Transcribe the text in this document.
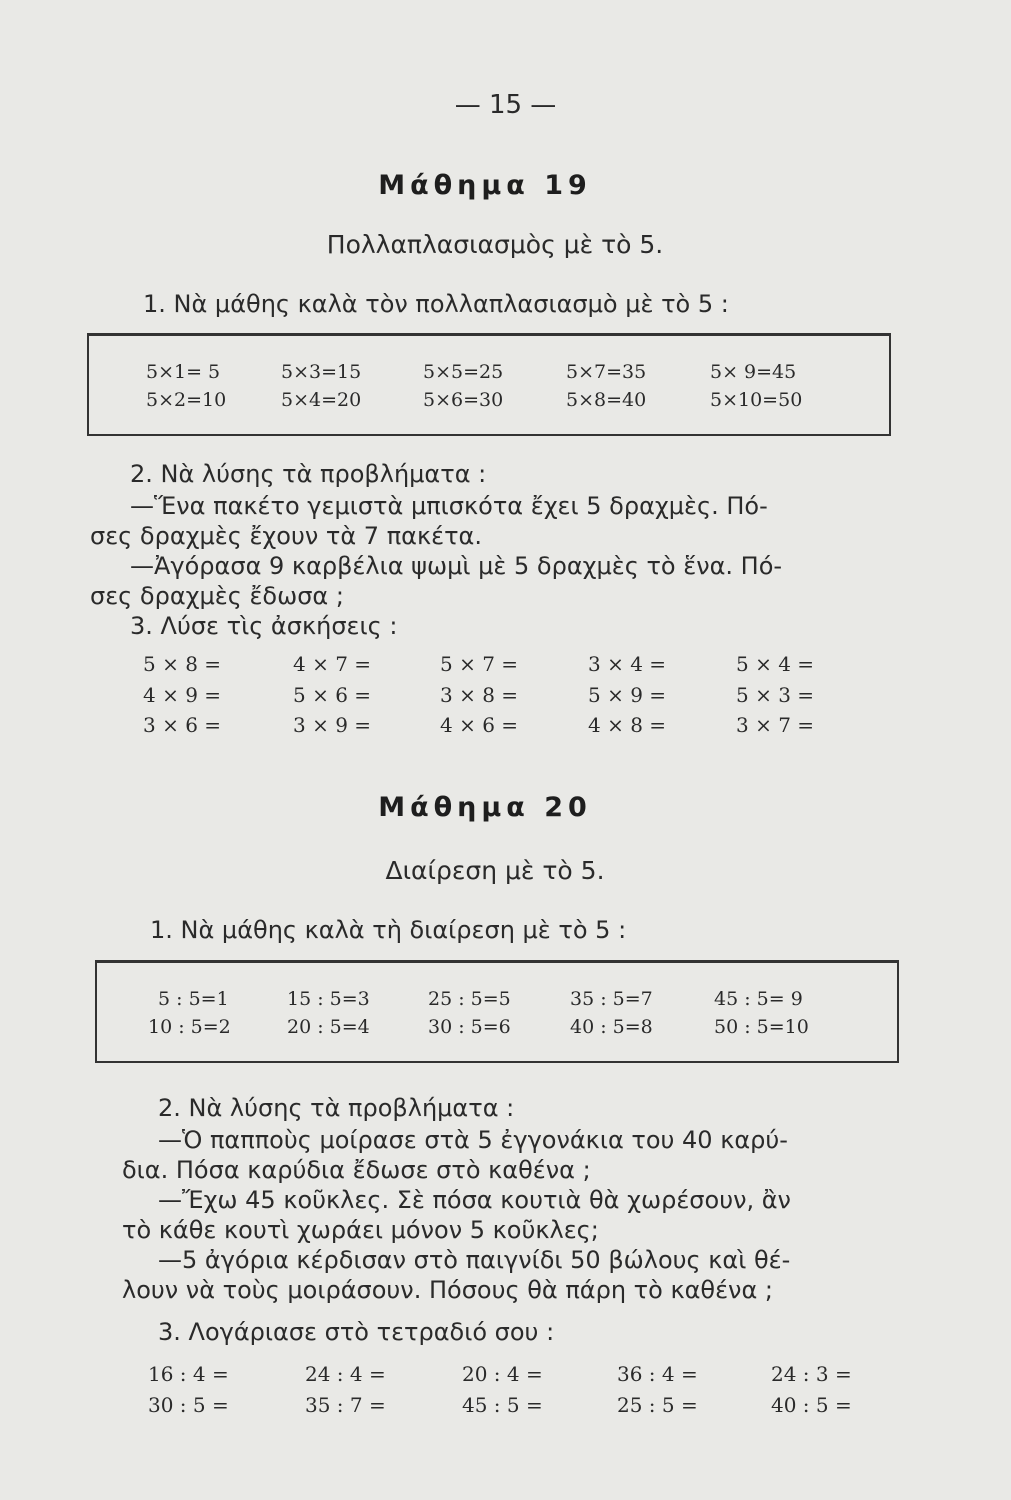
— 15 —
Μάθημα 19
Πολλαπλασιασμὸς μὲ τὸ 5.
1. Νὰ μάθης καλὰ τὸν πολλαπλασιασμὸ μὲ τὸ 5 :
5×1= 5	5×3=15	5×5=25	5×7=35	5× 9=45
5×2=10	5×4=20	5×6=30	5×8=40	5×10=50
2. Νὰ λύσης τὰ προβλήματα :
—Ἕνα πακέτο γεμιστὰ μπισκότα ἔχει 5 δραχμὲς. Πό-
σες δραχμὲς ἔχουν τὰ 7 πακέτα.
—Ἀγόρασα 9 καρβέλια ψωμὶ μὲ 5 δραχμὲς τὸ ἕνα. Πό-
σες δραχμὲς ἔδωσα ;
3. Λύσε τὶς ἀσκήσεις :
5 × 8 =	4 × 7 =	5 × 7 =	3 × 4 =	5 × 4 =
4 × 9 =	5 × 6 =	3 × 8 =	5 × 9 =	5 × 3 =
3 × 6 =	3 × 9 =	4 × 6 =	4 × 8 =	3 × 7 =
Μάθημα 20
Διαίρεση μὲ τὸ 5.
1. Νὰ μάθης καλὰ τὴ διαίρεση μὲ τὸ 5 :
5 : 5=1	15 : 5=3	25 : 5=5	35 : 5=7	45 : 5= 9
10 : 5=2	20 : 5=4	30 : 5=6	40 : 5=8	50 : 5=10
2. Νὰ λύσης τὰ προβλήματα :
—Ὁ παπποὺς μοίρασε στὰ 5 ἐγγονάκια του 40 καρύ-
δια. Πόσα καρύδια ἔδωσε στὸ καθένα ;
—Ἔχω 45 κοῦκλες. Σὲ πόσα κουτιὰ θὰ χωρέσουν, ἂν
τὸ κάθε κουτὶ χωράει μόνον 5 κοῦκλες;
—5 ἀγόρια κέρδισαν στὸ παιγνίδι 50 βώλους καὶ θέ-
λουν νὰ τοὺς μοιράσουν. Πόσους θὰ πάρη τὸ καθένα ;
3. Λογάριασε στὸ τετραδιό σου :
16 : 4 =	24 : 4 =	20 : 4 =	36 : 4 =	24 : 3 =
30 : 5 =	35 : 7 =	45 : 5 =	25 : 5 =	40 : 5 =
